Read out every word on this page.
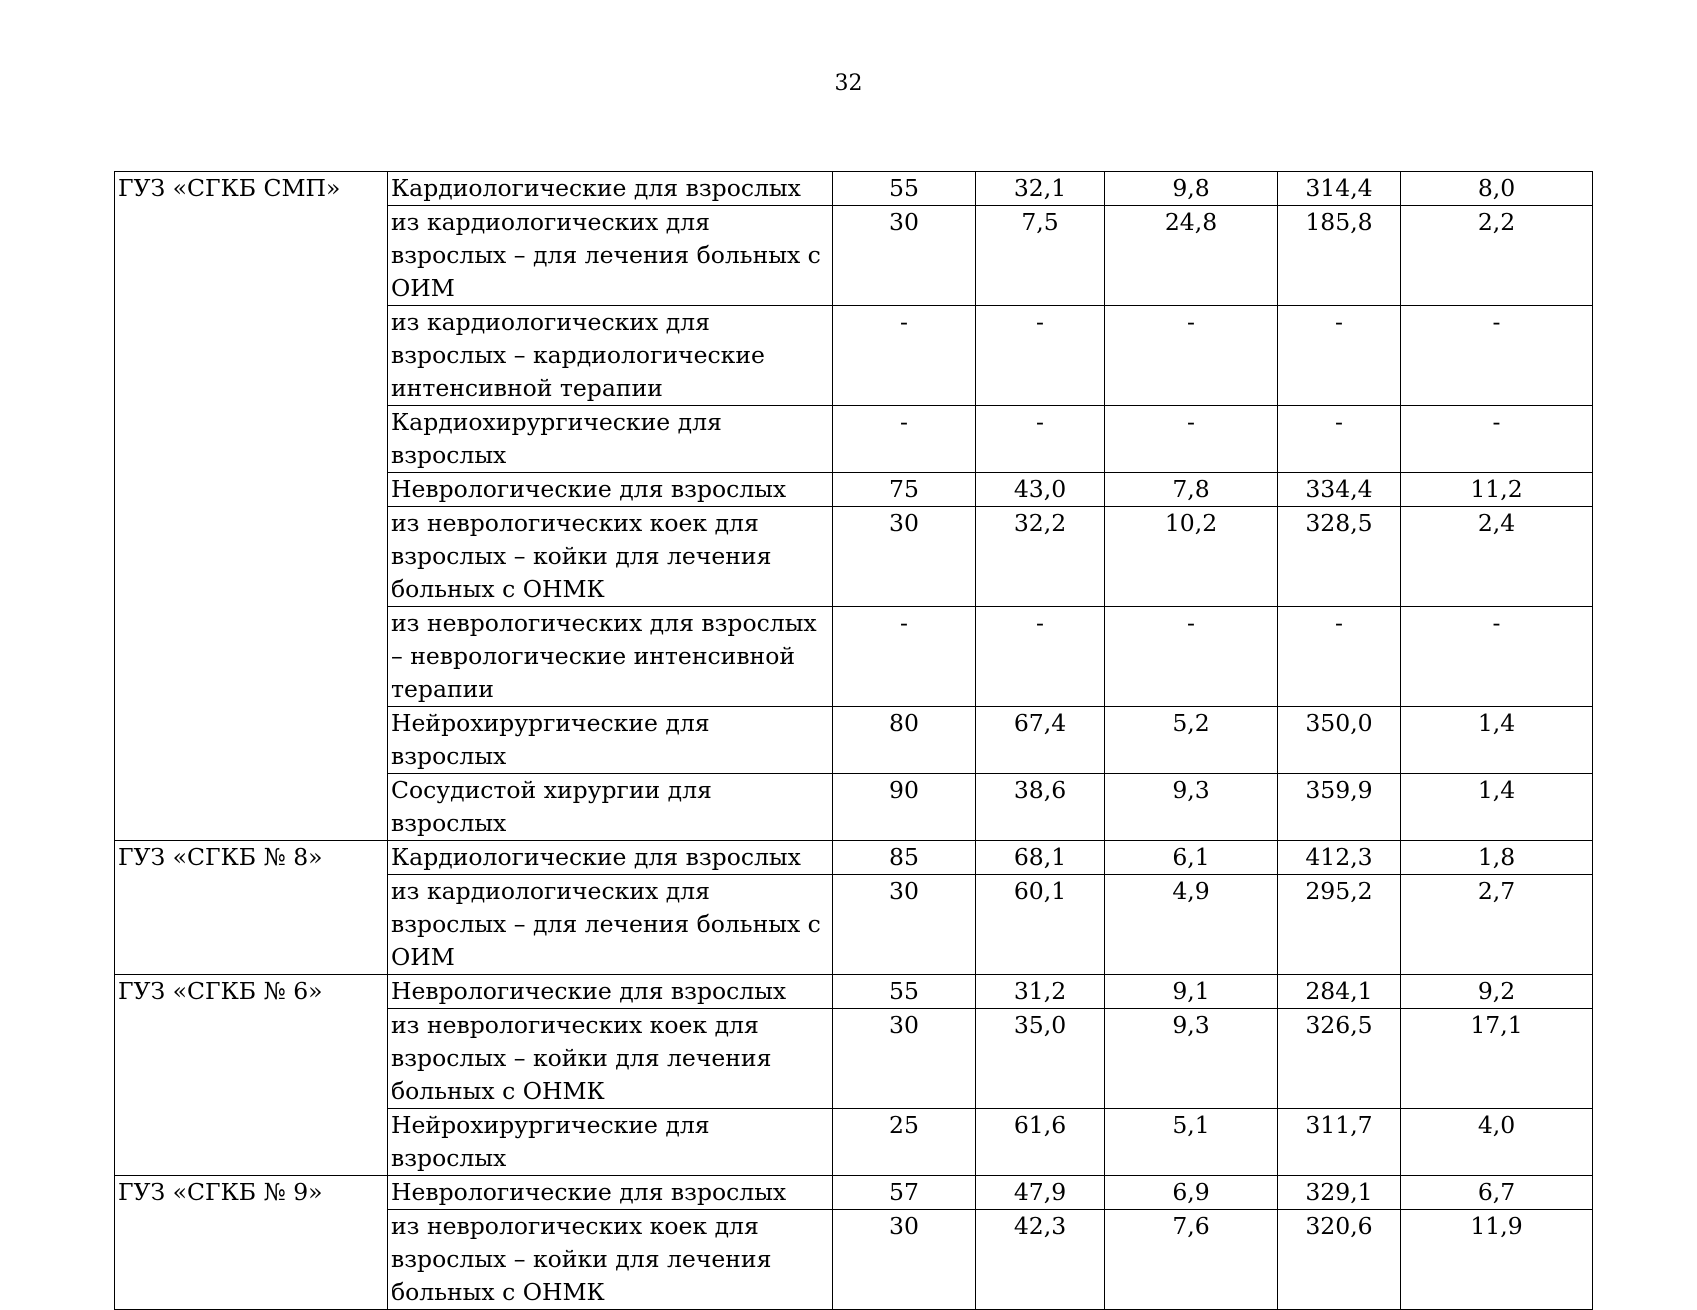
32
ГУЗ «СГКБ СМП»	Кардиологические для взрослых	55	32,1	9,8	314,4	8,0
	из кардиологических для взрослых – для лечения больных с ОИМ	30	7,5	24,8	185,8	2,2
	из кардиологических для взрослых – кардиологические интенсивной терапии	-	-	-	-	-
	Кардиохирургические для взрослых	-	-	-	-	-
	Неврологические для взрослых	75	43,0	7,8	334,4	11,2
	из неврологических коек для взрослых – койки для лечения больных с ОНМК	30	32,2	10,2	328,5	2,4
	из неврологических для взрослых – неврологические интенсивной терапии	-	-	-	-	-
	Нейрохирургические для взрослых	80	67,4	5,2	350,0	1,4
	Сосудистой хирургии для взрослых	90	38,6	9,3	359,9	1,4
ГУЗ «СГКБ № 8»	Кардиологические для взрослых	85	68,1	6,1	412,3	1,8
	из кардиологических для взрослых – для лечения больных с ОИМ	30	60,1	4,9	295,2	2,7
ГУЗ «СГКБ № 6»	Неврологические для взрослых	55	31,2	9,1	284,1	9,2
	из неврологических коек для взрослых – койки для лечения больных с ОНМК	30	35,0	9,3	326,5	17,1
	Нейрохирургические для взрослых	25	61,6	5,1	311,7	4,0
ГУЗ «СГКБ № 9»	Неврологические для взрослых	57	47,9	6,9	329,1	6,7
	из неврологических коек для взрослых – койки для лечения больных с ОНМК	30	42,3	7,6	320,6	11,9
